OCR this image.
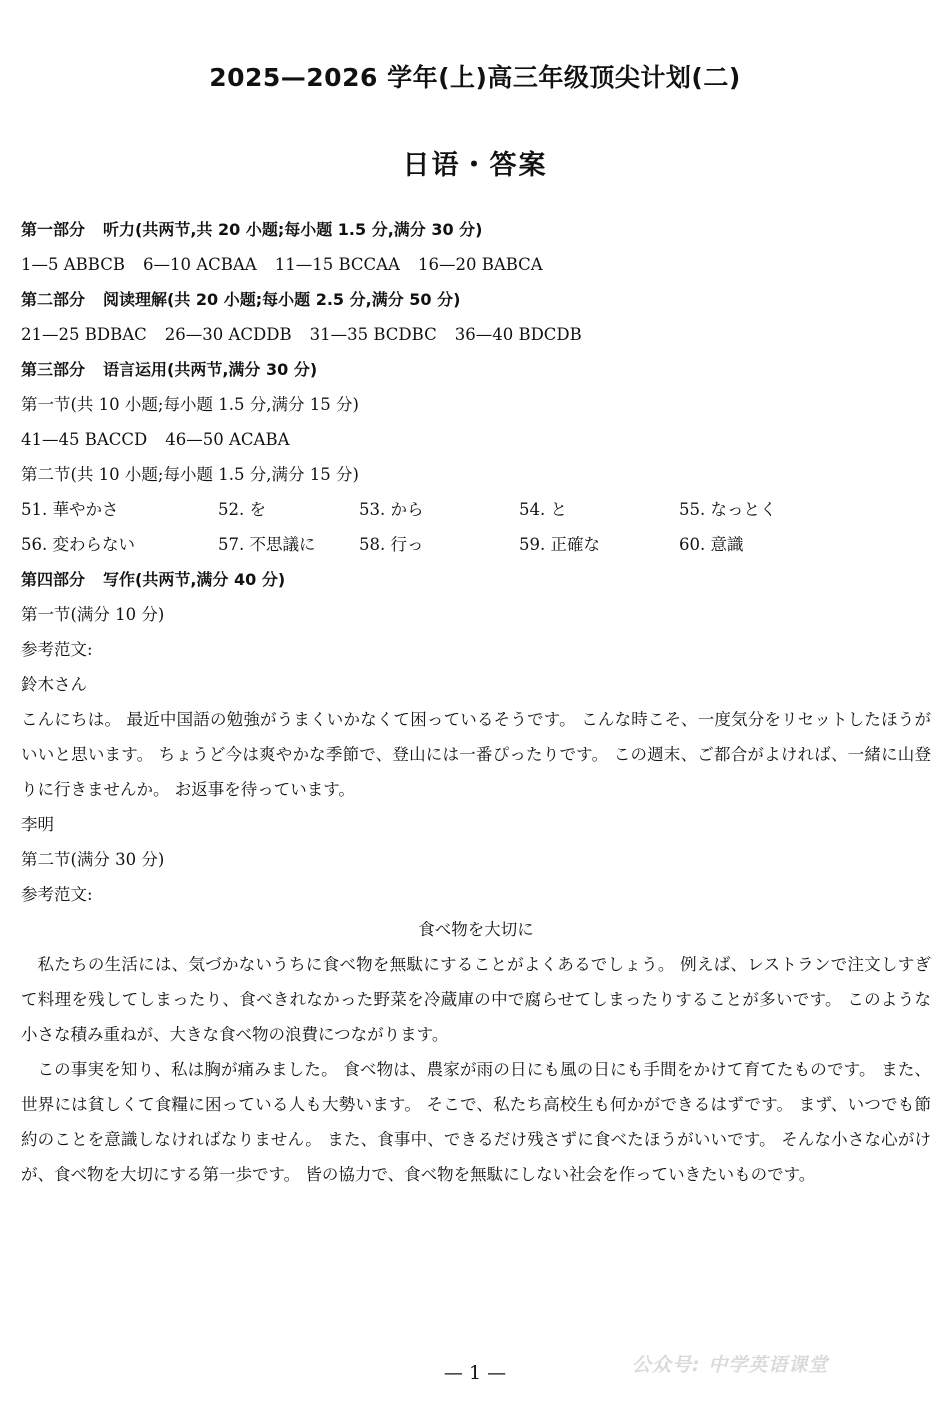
2025—2026 学年(上)高三年级顶尖计划(二)
日语・答案
第一部分 听力(共两节,共 20 小题;每小题 1.5 分,满分 30 分)
1—5 ABBCB 6—10 ACBAA 11—15 BCCAA 16—20 BABCA
第二部分 阅读理解(共 20 小题;每小题 2.5 分,满分 50 分)
21—25 BDBAC 26—30 ACDDB 31—35 BCDBC 36—40 BDCDB
第三部分 语言运用(共两节,满分 30 分)
第一节(共 10 小题;每小题 1.5 分,满分 15 分)
41—45 BACCD 46—50 ACABA
第二节(共 10 小题;每小题 1.5 分,满分 15 分)
51. 華やかさ	52. を	53. から	54. と	55. なっとく
56. 変わらない	57. 不思議に	58. 行っ	59. 正確な	60. 意識
第四部分 写作(共两节,满分 40 分)
第一节(满分 10 分)
参考范文:
鈴木さん

こんにちは。 最近中国語の勉強がうまくいかなくて困っているそうです。 こんな時こそ、一度気分をリセットしたほうがいいと思います。 ちょうど今は爽やかな季節で、登山には一番ぴったりです。 この週末、ご都合がよければ、一緒に山登りに行きませんか。 お返事を待っています。

李明
第二节(满分 30 分)
参考范文:
食べ物を大切に

私たちの生活には、気づかないうちに食べ物を無駄にすることがよくあるでしょう。 例えば、レストランで注文しすぎて料理を残してしまったり、食べきれなかった野菜を冷蔵庫の中で腐らせてしまったりすることが多いです。 このような小さな積み重ねが、大きな食べ物の浪費につながります。

この事実を知り、私は胸が痛みました。 食べ物は、農家が雨の日にも風の日にも手間をかけて育てたものです。 また、世界には貧しくて食糧に困っている人も大勢います。 そこで、私たち高校生も何かができるはずです。 まず、いつでも節約のことを意識しなければなりません。 また、食事中、できるだけ残さずに食べたほうがいいです。 そんな小さな心がけが、食べ物を大切にする第一歩です。 皆の協力で、食べ物を無駄にしない社会を作っていきたいものです。

— 1 —	公众号: 中学英语课堂
